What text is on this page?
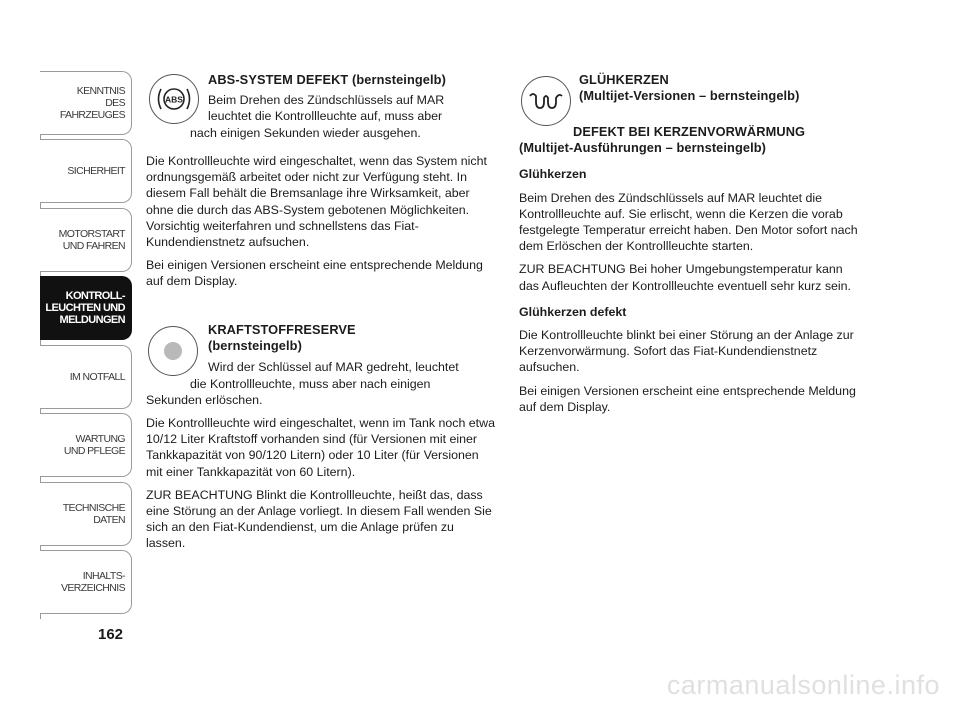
KENNTNIS
DES FAHRZEUGES
SICHERHEIT
MOTORSTART
UND FAHREN
KONTROLL-
LEUCHTEN UND
MELDUNGEN
IM NOTFALL
WARTUNG
UND PFLEGE
TECHNISCHE
DATEN
INHALTS-
VERZEICHNIS
162
ABS
ABS-SYSTEM DEFEKT (bernsteingelb)
Beim Drehen des Zündschlüssels auf MAR
leuchtet die Kontrollleuchte auf, muss aber
nach einigen Sekunden wieder ausgehen.

Die Kontrollleuchte wird eingeschaltet, wenn das System nicht ordnungsgemäß arbeitet oder nicht zur Verfügung steht. In diesem Fall behält die Bremsanlage ihre Wirksamkeit, aber ohne die durch das ABS-System gebotenen Möglichkeiten. Vorsichtig weiterfahren und schnellstens das Fiat-Kundendienstnetz aufsuchen.

Bei einigen Versionen erscheint eine entsprechende Meldung auf dem Display.

KRAFTSTOFFRESERVE
(bernsteingelb)
Wird der Schlüssel auf MAR gedreht, leuchtet
die Kontrollleuchte, muss aber nach einigen
Sekunden erlöschen.

Die Kontrollleuchte wird eingeschaltet, wenn im Tank noch etwa 10/12 Liter Kraftstoff vorhanden sind (für Versionen mit einer Tankkapazität von 90/120 Litern) oder 10 Liter (für Versionen mit einer Tankkapazität von 60 Litern).

ZUR BEACHTUNG Blinkt die Kontrollleuchte, heißt das, dass eine Störung an der Anlage vorliegt. In diesem Fall wenden Sie sich an den Fiat-Kundendienst, um die Anlage prüfen zu lassen.

GLÜHKERZEN
(Multijet-Versionen – bernsteingelb)
DEFEKT BEI KERZENVORWÄRMUNG
(Multijet-Ausführungen – bernsteingelb)

Glühkerzen

Beim Drehen des Zündschlüssels auf MAR leuchtet die Kontrollleuchte auf. Sie erlischt, wenn die Kerzen die vorab festgelegte Temperatur erreicht haben. Den Motor sofort nach dem Erlöschen der Kontrollleuchte starten.

ZUR BEACHTUNG Bei hoher Umgebungstemperatur kann das Aufleuchten der Kontrollleuchte eventuell sehr kurz sein.

Glühkerzen defekt

Die Kontrollleuchte blinkt bei einer Störung an der Anlage zur Kerzenvorwärmung. Sofort das Fiat-Kundendienstnetz aufsuchen.

Bei einigen Versionen erscheint eine entsprechende Meldung auf dem Display.

carmanualsonline.info
